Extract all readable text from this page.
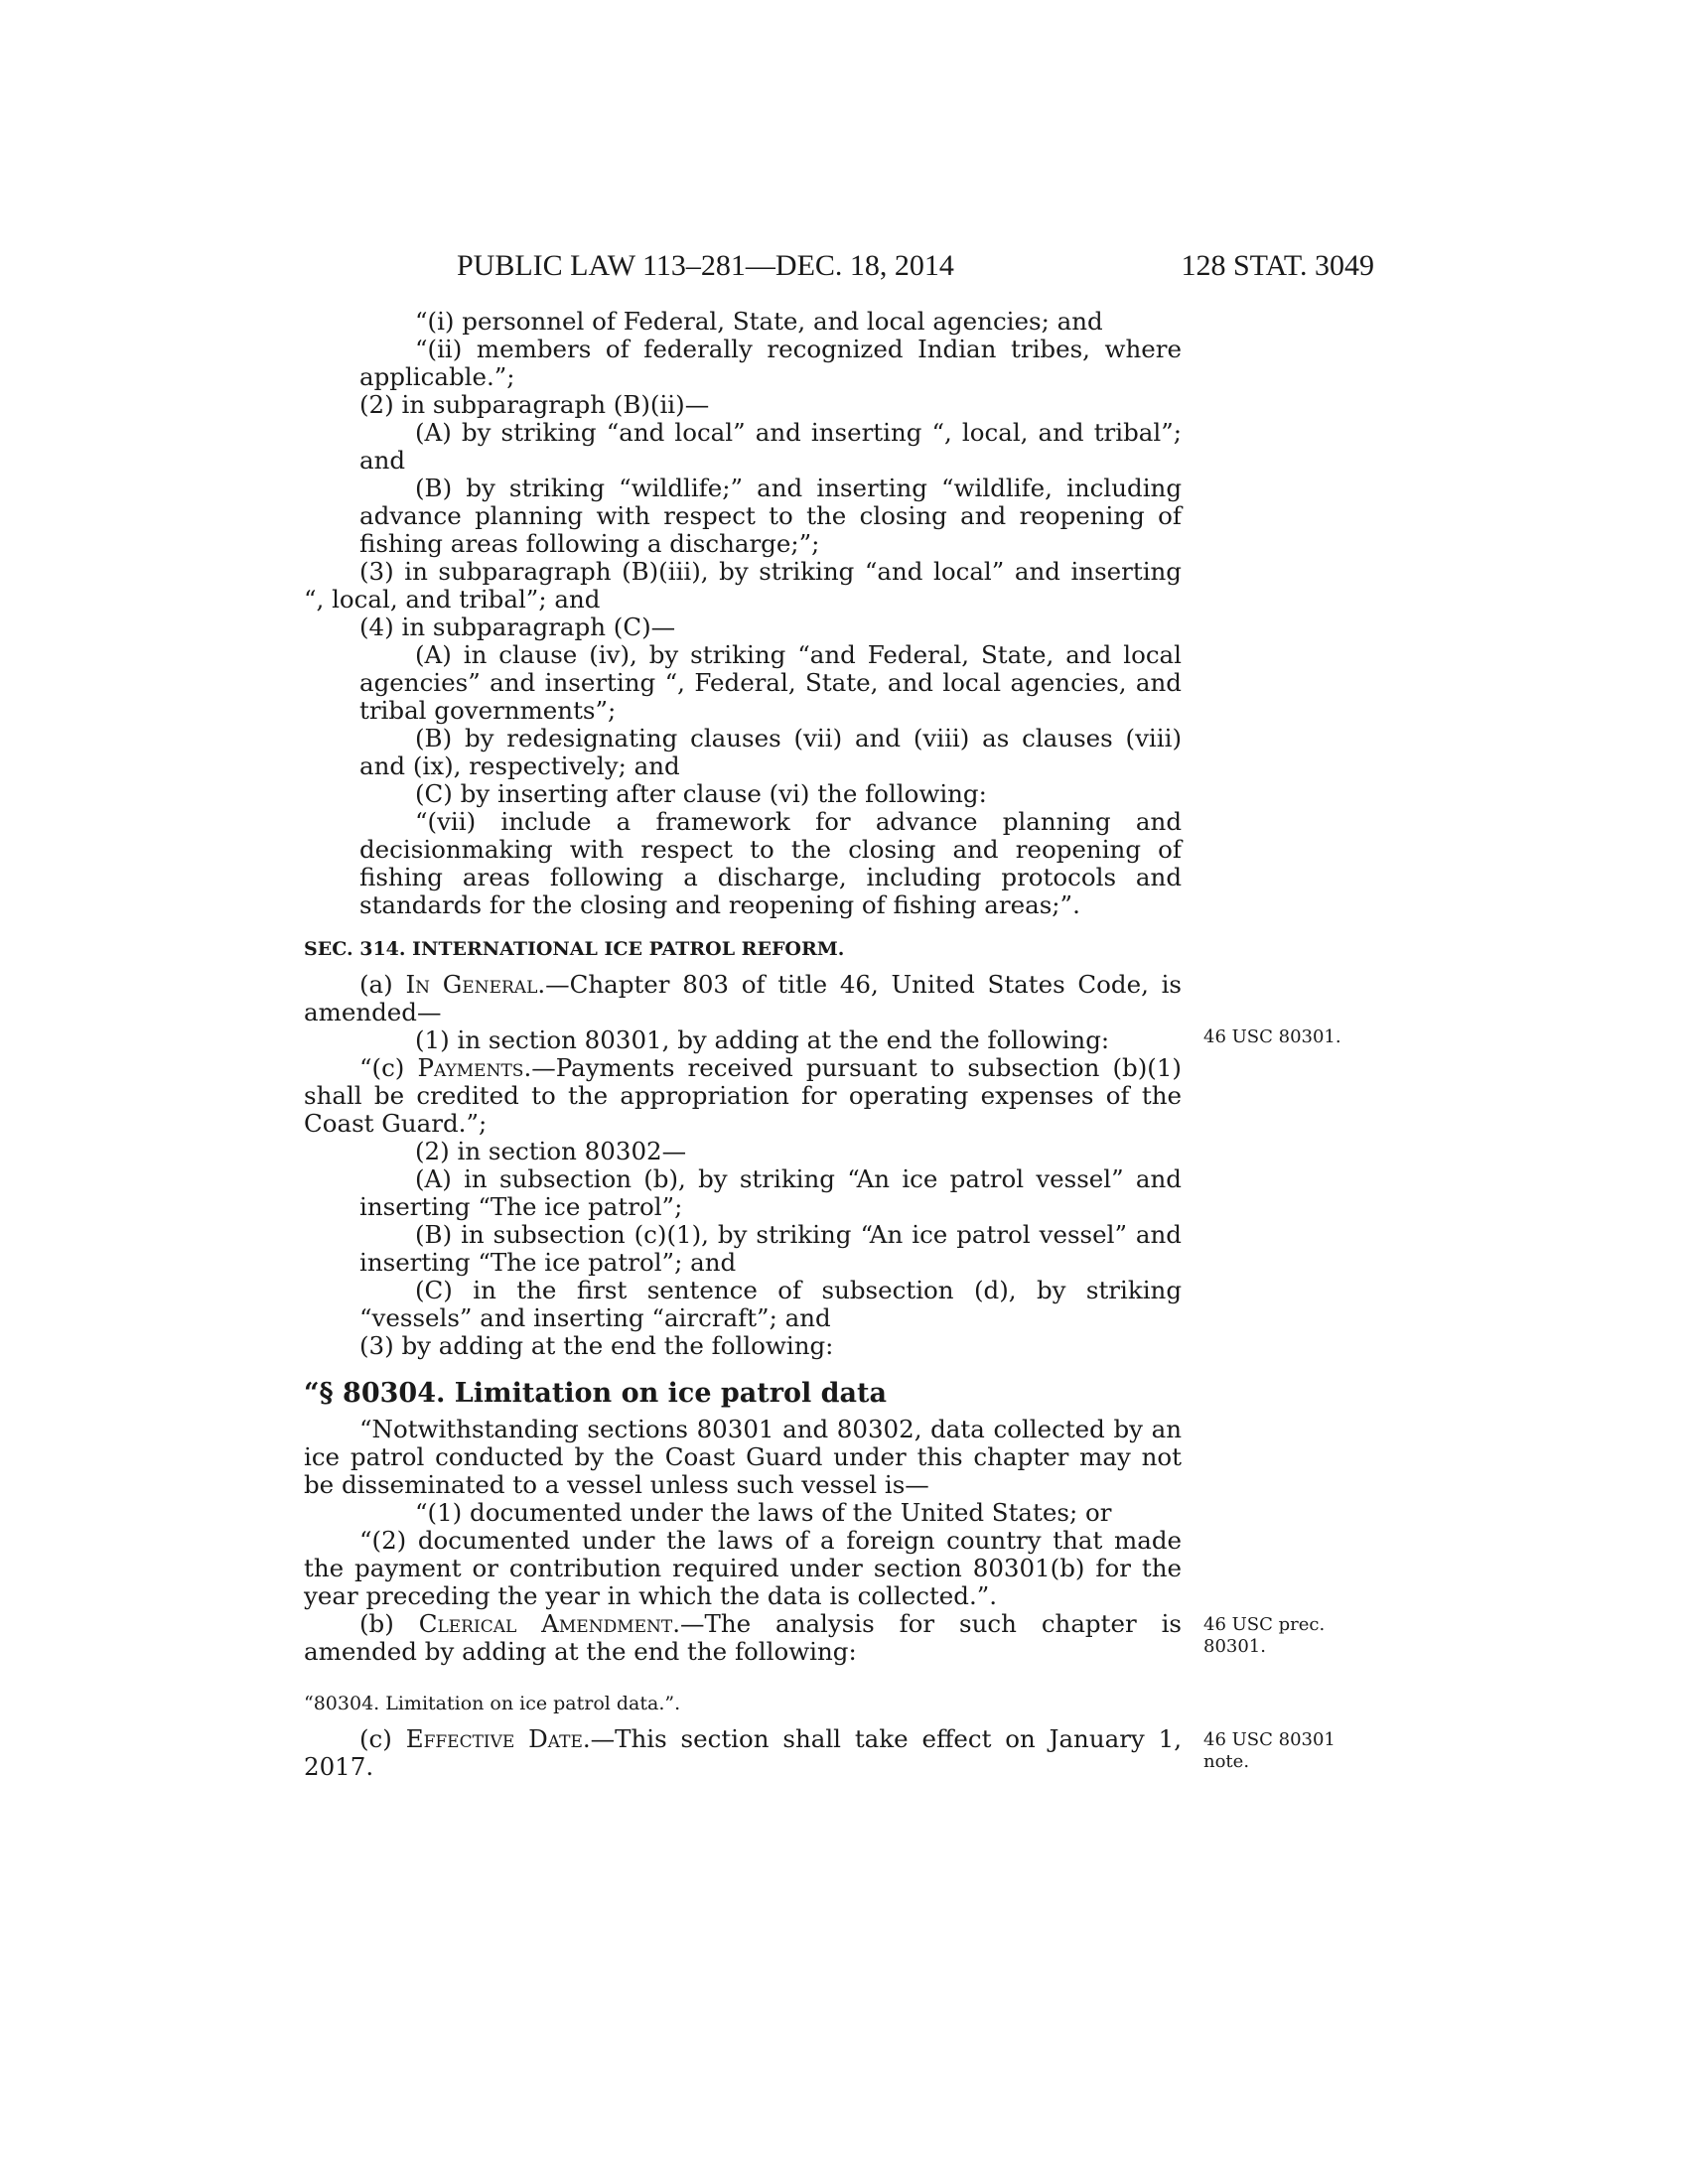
PUBLIC LAW 113–281—DEC. 18, 2014	128 STAT. 3049

“(i) personnel of Federal, State, and local agencies; and

“(ii) members of federally recognized Indian tribes, where applicable.”;

(2) in subparagraph (B)(ii)—

(A) by striking “and local” and inserting “, local, and tribal”; and

(B) by striking “wildlife;” and inserting “wildlife, including advance planning with respect to the closing and reopening of fishing areas following a discharge;”;

(3) in subparagraph (B)(iii), by striking “and local” and inserting “, local, and tribal”; and

(4) in subparagraph (C)—

(A) in clause (iv), by striking “and Federal, State, and local agencies” and inserting “, Federal, State, and local agencies, and tribal governments”;

(B) by redesignating clauses (vii) and (viii) as clauses (viii) and (ix), respectively; and

(C) by inserting after clause (vi) the following:

“(vii) include a framework for advance planning and decisionmaking with respect to the closing and reopening of fishing areas following a discharge, including protocols and standards for the closing and reopening of fishing areas;”.

SEC. 314. INTERNATIONAL ICE PATROL REFORM.

(a) In General.—Chapter 803 of title 46, United States Code, is amended—

(1) in section 80301, by adding at the end the following:	46 USC 80301.

“(c) Payments.—Payments received pursuant to subsection (b)(1) shall be credited to the appropriation for operating expenses of the Coast Guard.”;

(2) in section 80302—

(A) in subsection (b), by striking “An ice patrol vessel” and inserting “The ice patrol”;

(B) in subsection (c)(1), by striking “An ice patrol vessel” and inserting “The ice patrol”; and

(C) in the first sentence of subsection (d), by striking “vessels” and inserting “aircraft”; and

(3) by adding at the end the following:

“§ 80304. Limitation on ice patrol data

“Notwithstanding sections 80301 and 80302, data collected by an ice patrol conducted by the Coast Guard under this chapter may not be disseminated to a vessel unless such vessel is—

“(1) documented under the laws of the United States; or

“(2) documented under the laws of a foreign country that made the payment or contribution required under section 80301(b) for the year preceding the year in which the data is collected.”.

(b) Clerical Amendment.—The analysis for such chapter is amended by adding at the end the following:

46 USC prec. 80301.

“80304. Limitation on ice patrol data.”.

(c) Effective Date.—This section shall take effect on January 1, 2017.

46 USC 80301 note.
